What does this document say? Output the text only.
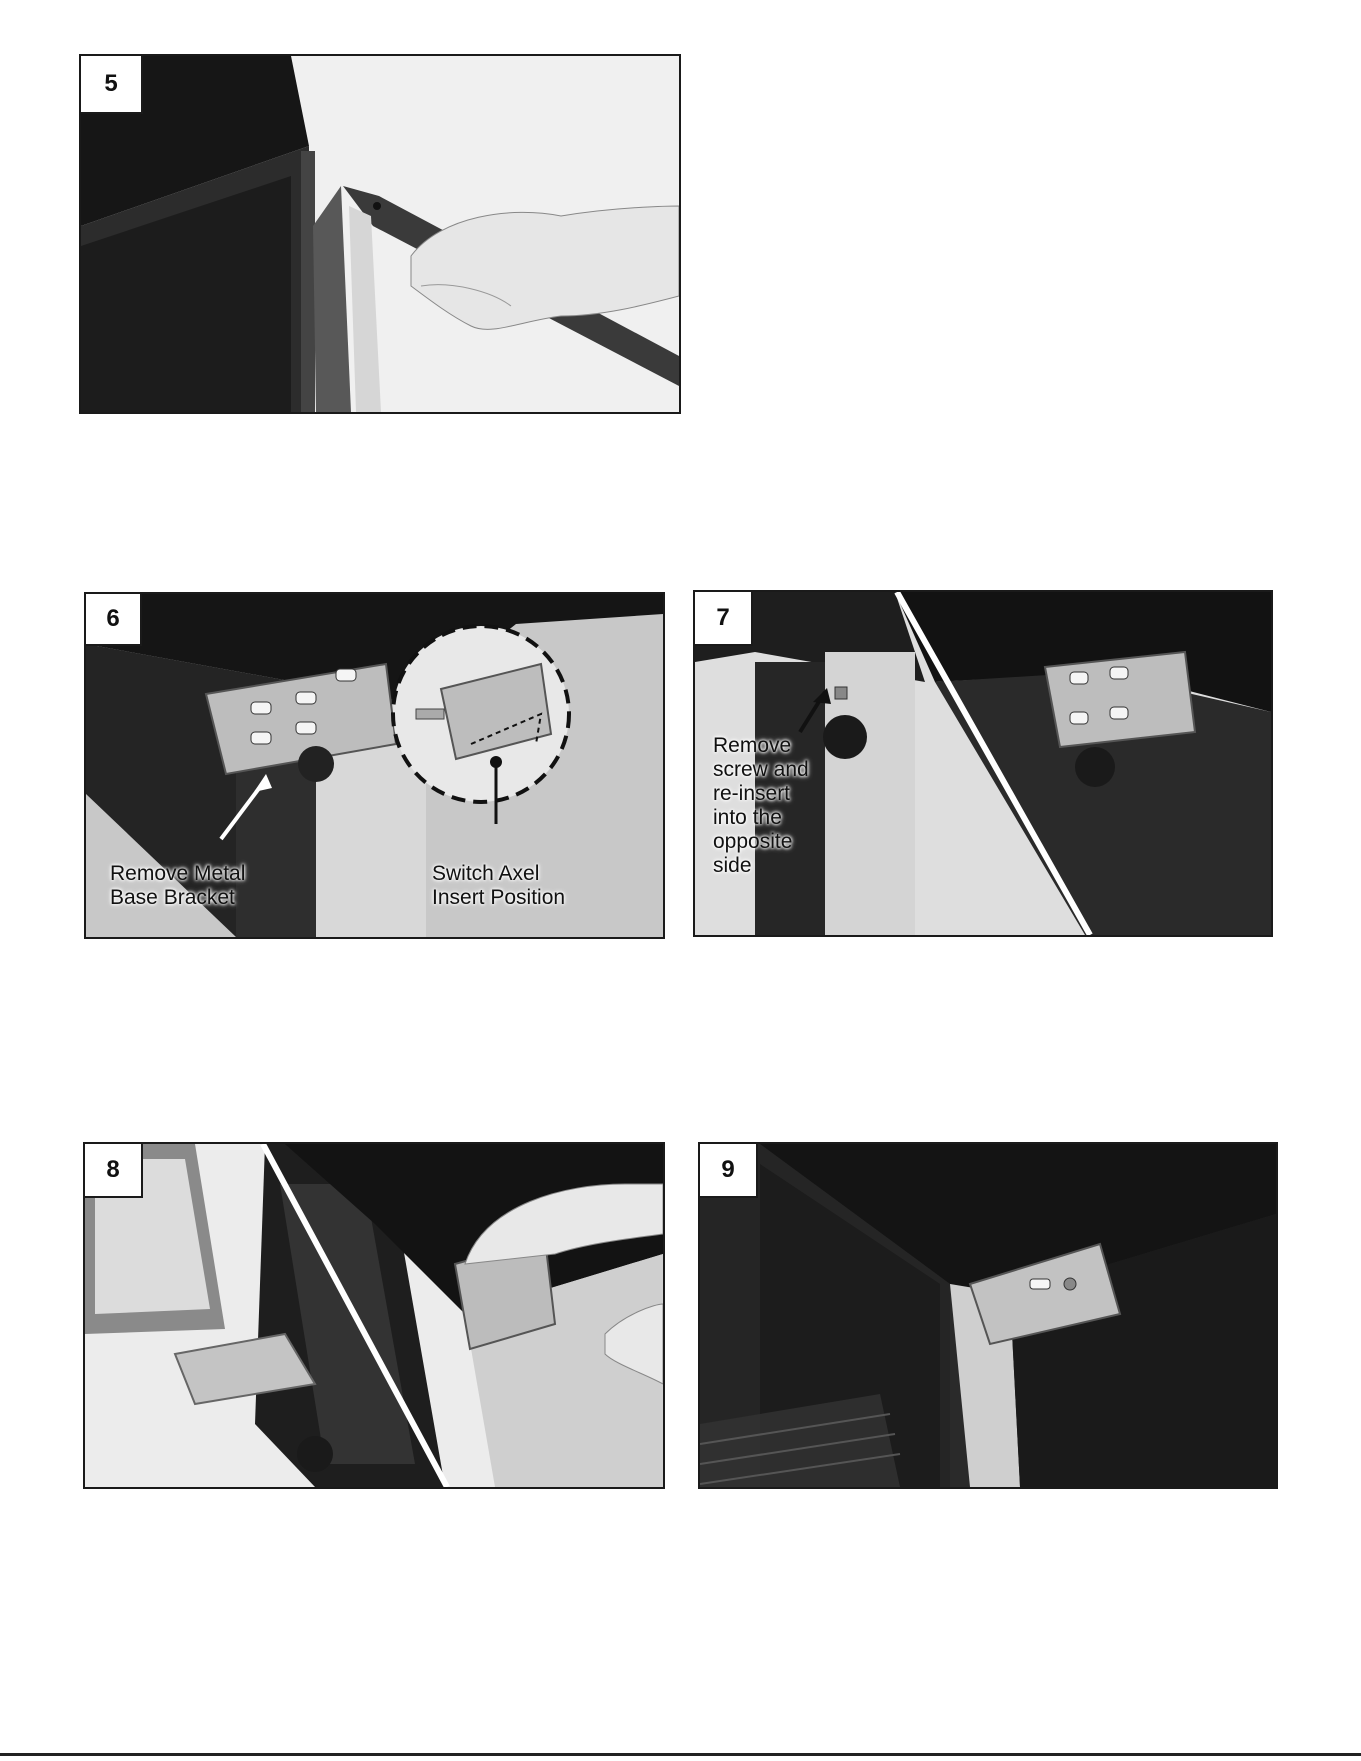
5
6
Remove Metal
Base Bracket
Switch Axel
Insert Position
7
Remove
screw and
re-insert
into the
opposite
side
8	9
